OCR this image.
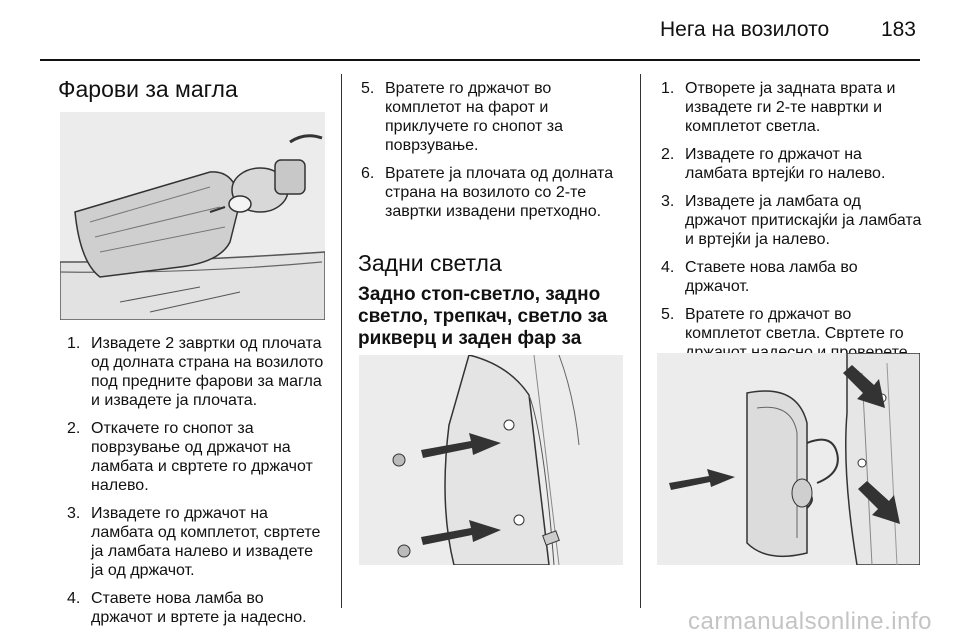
Нега на возилото 183
Фарови за магла
1. Извадете 2 завртки од плочата од долната страна на возилото под предните фарови за магла и извадете ја плочата.
2. Откачете го снопот за поврзување од држачот на ламбата и свртете го држачот налево.
3. Извадете го држачот на ламбата од комплетот, свртете ја ламбата налево и извадете ја од држачот.
4. Ставете нова ламба во држачот и вртете ја надесно.
5. Вратете го држачот во комплетот на фарот и приклучете го снопот за поврзување.
6. Вратете ја плочата од долната страна на возилото со 2-те завртки извадени претходно.
Задни светла
Задно стоп-светло, задно светло, трепкач, светло за рикверц и заден фар за
1. Отворете ја задната врата и извадете ги 2-те навртки и комплетот светла.
2. Извадете го држачот на ламбата вртејќи го налево.
3. Извадете ја ламбата од држачот притискајќи ја ламбата и вртејќи ја налево.
4. Ставете нова ламба во држачот.
5. Вратете го држачот во комплетот светла. Свртете го
carmanualsonline.info
